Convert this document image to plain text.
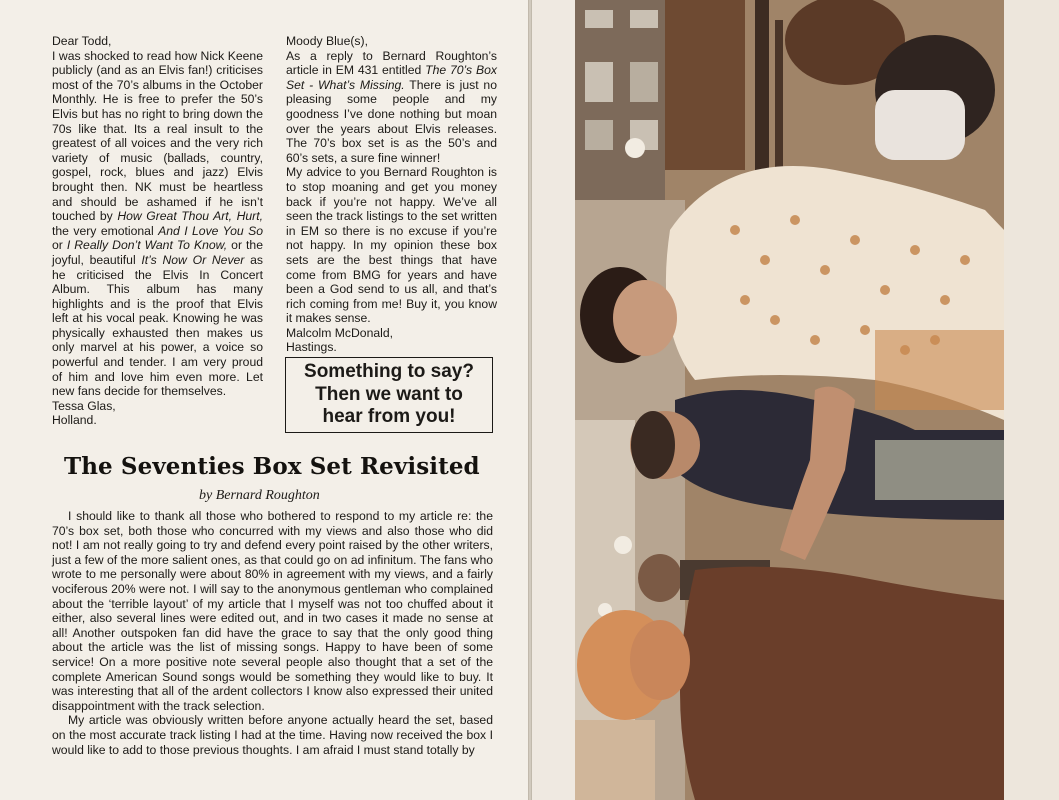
Dear Todd,

I was shocked to read how Nick Keene publicly (and as an Elvis fan!) criticises most of the 70’s albums in the October Monthly. He is free to prefer the 50’s Elvis but has no right to bring down the 70s like that. Its a real insult to the greatest of all voices and the very rich variety of music (ballads, country, gospel, rock, blues and jazz) Elvis brought then. NK must be heartless and should be ashamed if he isn’t touched by How Great Thou Art, Hurt, the very emotional And I Love You So or I Really Don’t Want To Know, or the joyful, beautiful It’s Now Or Never as he criticised the Elvis In Concert Album. This album has many highlights and is the proof that Elvis left at his vocal peak. Knowing he was physically exhausted then makes us only marvel at his power, a voice so powerful and tender. I am very proud of him and love him even more. Let new fans decide for themselves.

Tessa Glas,

Holland.

Moody Blue(s),

As a reply to Bernard Roughton’s article in EM 431 entitled The 70’s Box Set - What’s Missing. There is just no pleasing some people and my goodness I’ve done nothing but moan over the years about Elvis releases. The 70’s box set is as the 50’s and 60’s sets, a sure fine winner!

My advice to you Bernard Roughton is to stop moaning and get you money back if you’re not happy. We’ve all seen the track listings to the set written in EM so there is no excuse if you’re not happy. In my opinion these box sets are the best things that have come from BMG for years and have been a God send to us all, and that’s rich coming from me! Buy it, you know it makes sense.

Malcolm McDonald,

Hastings.

Something to say?
Then we want to
hear from you!
The Seventies Box Set Revisited
by Bernard Roughton

I should like to thank all those who bothered to respond to my article re: the 70’s box set, both those who concurred with my views and also those who did not! I am not really going to try and defend every point raised by the other writers, just a few of the more salient ones, as that could go on ad infinitum. The fans who wrote to me personally were about 80% in agreement with my views, and a fairly vociferous 20% were not. I will say to the anonymous gentleman who complained about the ‘terrible layout’ of my article that I myself was not too chuffed about it either, also several lines were edited out, and in two cases it made no sense at all! Another outspoken fan did have the grace to say that the only good thing about the article was the list of missing songs. Happy to have been of some service! On a more positive note several people also thought that a set of the complete American Sound songs would be something they would like to buy. It was interesting that all of the ardent collectors I know also expressed their united disappointment with the track selection.

My article was obviously written before anyone actually heard the set, based on the most accurate track listing I had at the time. Having now received the box I would like to add to those previous thoughts. I am afraid I must stand totally by
